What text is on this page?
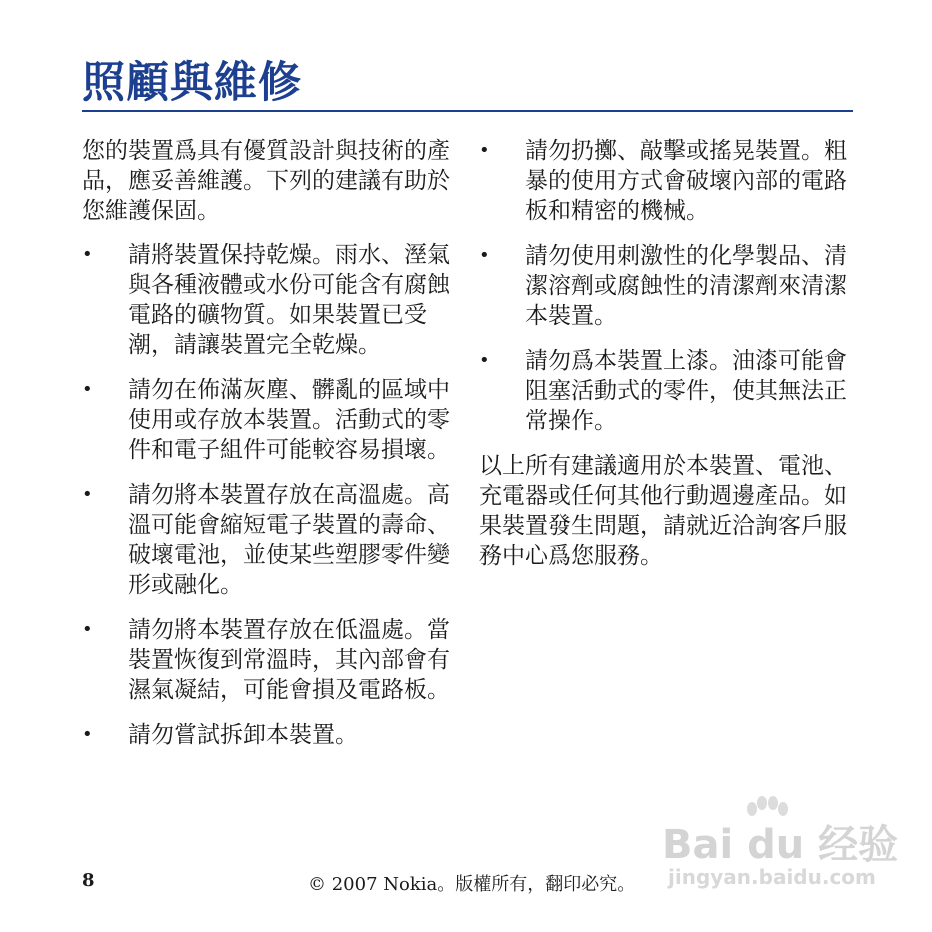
照顧與維修

您的裝置爲具有優質設計與技術的產品，應妥善維護。下列的建議有助於您維護保固。

•	請將裝置保持乾燥。雨水、溼氣與各種液體或水份可能含有腐蝕電路的礦物質。如果裝置已受潮，請讓裝置完全乾燥。
•	請勿在佈滿灰塵、髒亂的區域中使用或存放本裝置。活動式的零件和電子組件可能較容易損壞。
•	請勿將本裝置存放在高溫處。高溫可能會縮短電子裝置的壽命、破壞電池，並使某些塑膠零件變形或融化。
•	請勿將本裝置存放在低溫處。當裝置恢復到常溫時，其內部會有濕氣凝結，可能會損及電路板。
•	請勿嘗試拆卸本裝置。
•	請勿扔擲、敲擊或搖晃裝置。粗暴的使用方式會破壞內部的電路板和精密的機械。
•	請勿使用刺激性的化學製品、清潔溶劑或腐蝕性的清潔劑來清潔本裝置。
•	請勿爲本裝置上漆。油漆可能會阻塞活動式的零件，使其無法正常操作。

以上所有建議適用於本裝置、電池、充電器或任何其他行動週邊產品。如果裝置發生問題，請就近洽詢客戶服務中心爲您服務。

8	© 2007 Nokia。版權所有，翻印必究。
Bai du 经验
jingyan.baidu.com
